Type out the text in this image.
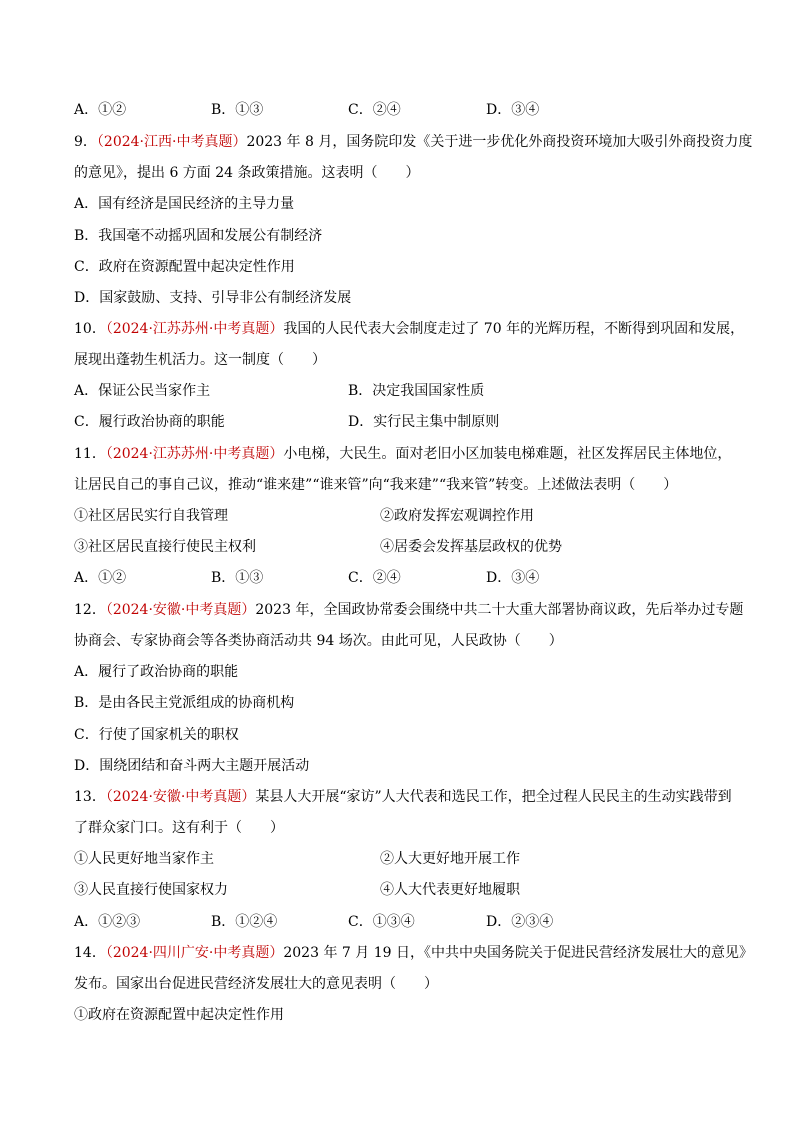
A．①②	B．①③	C．②④	D．③④
9．（2024·江西·中考真题）2023 年 8 月，国务院印发《关于进一步优化外商投资环境加大吸引外商投资力度
的意见》，提出 6 方面 24 条政策措施。这表明（　　）
A．国有经济是国民经济的主导力量
B．我国毫不动摇巩固和发展公有制经济
C．政府在资源配置中起决定性作用
D．国家鼓励、支持、引导非公有制经济发展
10．（2024·江苏苏州·中考真题）我国的人民代表大会制度走过了 70 年的光辉历程，不断得到巩固和发展，
展现出蓬勃生机活力。这一制度（　　）
A．保证公民当家作主	B．决定我国国家性质
C．履行政治协商的职能	D．实行民主集中制原则
11．（2024·江苏苏州·中考真题）小电梯，大民生。面对老旧小区加装电梯难题，社区发挥居民主体地位，
让居民自己的事自己议，推动“谁来建”“谁来管”向“我来建”“我来管”转变。上述做法表明（　　）
①社区居民实行自我管理	②政府发挥宏观调控作用
③社区居民直接行使民主权利	④居委会发挥基层政权的优势
A．①②	B．①③	C．②④	D．③④
12．（2024·安徽·中考真题）2023 年，全国政协常委会围绕中共二十大重大部署协商议政，先后举办过专题
协商会、专家协商会等各类协商活动共 94 场次。由此可见，人民政协（　　）
A．履行了政治协商的职能
B．是由各民主党派组成的协商机构
C．行使了国家机关的职权
D．围绕团结和奋斗两大主题开展活动
13．（2024·安徽·中考真题）某县人大开展“家访”人大代表和选民工作，把全过程人民民主的生动实践带到
了群众家门口。这有利于（　　）
①人民更好地当家作主	②人大更好地开展工作
③人民直接行使国家权力	④人大代表更好地履职
A．①②③	B．①②④	C．①③④	D．②③④
14．（2024·四川广安·中考真题）2023 年 7 月 19 日，《中共中央国务院关于促进民营经济发展壮大的意见》
发布。国家出台促进民营经济发展壮大的意见表明（　　）
①政府在资源配置中起决定性作用
